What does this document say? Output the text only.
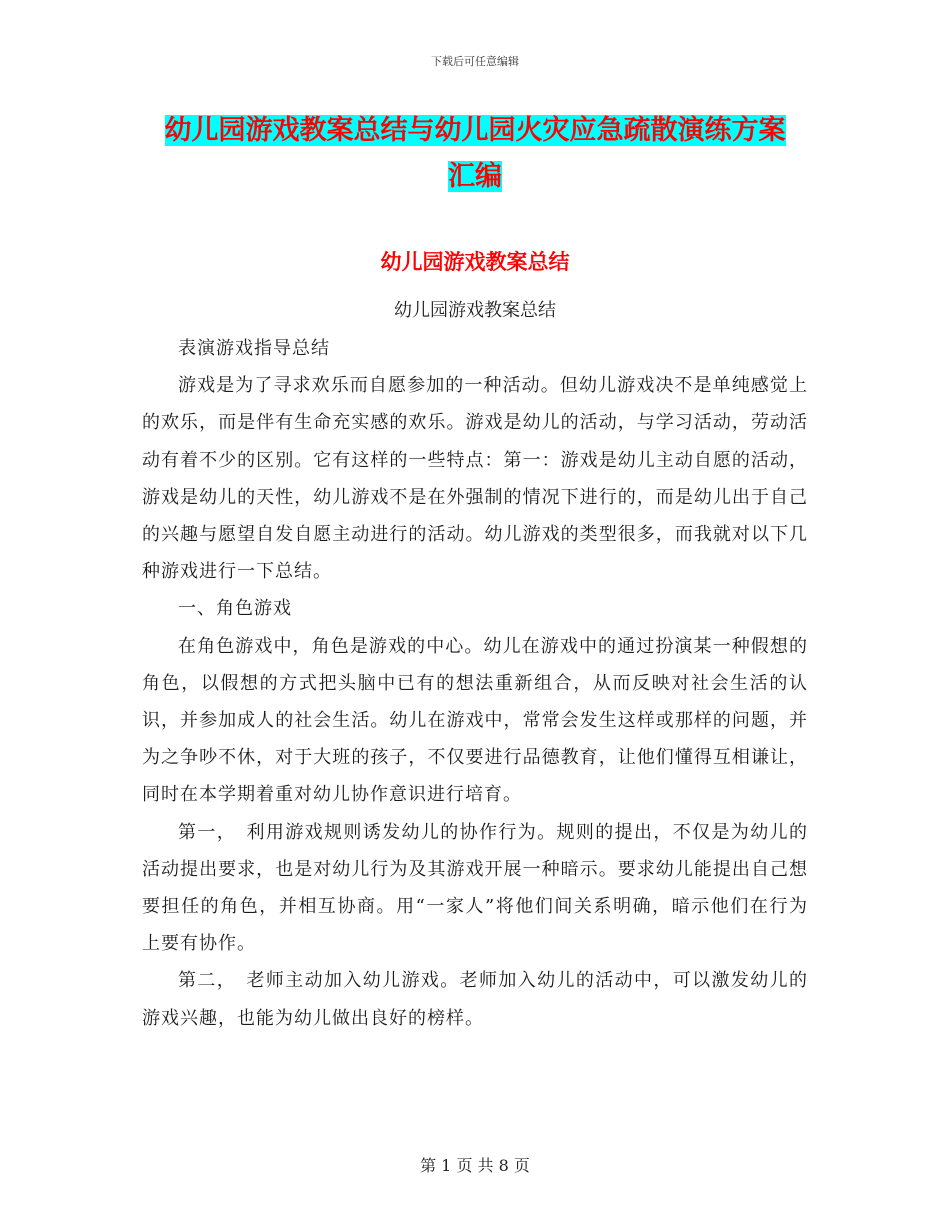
下载后可任意编辑
幼儿园游戏教案总结与幼儿园火灾应急疏散演练方案
汇编
幼儿园游戏教案总结
幼儿园游戏教案总结

表演游戏指导总结

游戏是为了寻求欢乐而自愿参加的一种活动。但幼儿游戏决不是单纯感觉上的欢乐，而是伴有生命充实感的欢乐。游戏是幼儿的活动，与学习活动，劳动活动有着不少的区别。它有这样的一些特点：第一：游戏是幼儿主动自愿的活动，游戏是幼儿的天性，幼儿游戏不是在外强制的情况下进行的，而是幼儿出于自己的兴趣与愿望自发自愿主动进行的活动。幼儿游戏的类型很多，而我就对以下几种游戏进行一下总结。

一、角色游戏

在角色游戏中，角色是游戏的中心。幼儿在游戏中的通过扮演某一种假想的角色，以假想的方式把头脑中已有的想法重新组合，从而反映对社会生活的认识，并参加成人的社会生活。幼儿在游戏中，常常会发生这样或那样的问题，并为之争吵不休，对于大班的孩子，不仅要进行品德教育，让他们懂得互相谦让，同时在本学期着重对幼儿协作意识进行培育。

第一，　利用游戏规则诱发幼儿的协作行为。规则的提出，不仅是为幼儿的活动提出要求，也是对幼儿行为及其游戏开展一种暗示。要求幼儿能提出自己想要担任的角色，并相互协商。用“一家人”将他们间关系明确，暗示他们在行为上要有协作。

第二，　老师主动加入幼儿游戏。老师加入幼儿的活动中，可以激发幼儿的游戏兴趣，也能为幼儿做出良好的榜样。

第 1 页 共 8 页
